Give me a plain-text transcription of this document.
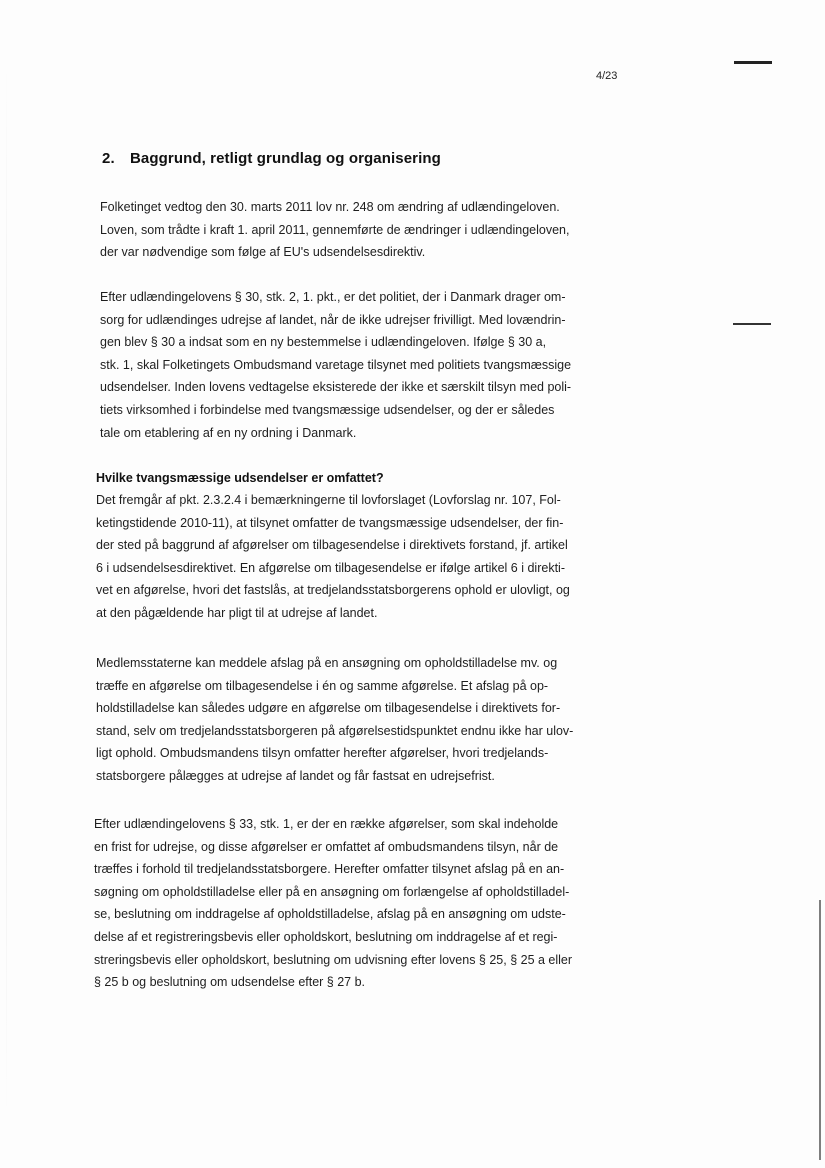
4/23
2. Baggrund, retligt grundlag og organisering

Folketinget vedtog den 30. marts 2011 lov nr. 248 om ændring af udlændingeloven.
Loven, som trådte i kraft 1. april 2011, gennemførte de ændringer i udlændingeloven,
der var nødvendige som følge af EU's udsendelsesdirektiv.

Efter udlændingelovens § 30, stk. 2, 1. pkt., er det politiet, der i Danmark drager om-
sorg for udlændinges udrejse af landet, når de ikke udrejser frivilligt. Med lovændrin-
gen blev § 30 a indsat som en ny bestemmelse i udlændingeloven. Ifølge § 30 a,
stk. 1, skal Folketingets Ombudsmand varetage tilsynet med politiets tvangsmæssige
udsendelser. Inden lovens vedtagelse eksisterede der ikke et særskilt tilsyn med poli-
tiets virksomhed i forbindelse med tvangsmæssige udsendelser, og der er således
tale om etablering af en ny ordning i Danmark.

Hvilke tvangsmæssige udsendelser er omfattet?

Det fremgår af pkt. 2.3.2.4 i bemærkningerne til lovforslaget (Lovforslag nr. 107, Fol-
ketingstidende 2010-11), at tilsynet omfatter de tvangsmæssige udsendelser, der fin-
der sted på baggrund af afgørelser om tilbagesendelse i direktivets forstand, jf. artikel
6 i udsendelsesdirektivet. En afgørelse om tilbagesendelse er ifølge artikel 6 i direkti-
vet en afgørelse, hvori det fastslås, at tredjelandsstatsborgerens ophold er ulovligt, og
at den pågældende har pligt til at udrejse af landet.

Medlemsstaterne kan meddele afslag på en ansøgning om opholdstilladelse mv. og
træffe en afgørelse om tilbagesendelse i én og samme afgørelse. Et afslag på op-
holdstilladelse kan således udgøre en afgørelse om tilbagesendelse i direktivets for-
stand, selv om tredjelandsstatsborgeren på afgørelsestidspunktet endnu ikke har ulov-
ligt ophold. Ombudsmandens tilsyn omfatter herefter afgørelser, hvori tredjelands-
statsborgere pålægges at udrejse af landet og får fastsat en udrejsefrist.

Efter udlændingelovens § 33, stk. 1, er der en række afgørelser, som skal indeholde
en frist for udrejse, og disse afgørelser er omfattet af ombudsmandens tilsyn, når de
træffes i forhold til tredjelandsstatsborgere. Herefter omfatter tilsynet afslag på en an-
søgning om opholdstilladelse eller på en ansøgning om forlængelse af opholdstilladel-
se, beslutning om inddragelse af opholdstilladelse, afslag på en ansøgning om udste-
delse af et registreringsbevis eller opholdskort, beslutning om inddragelse af et regi-
streringsbevis eller opholdskort, beslutning om udvisning efter lovens § 25, § 25 a eller
§ 25 b og beslutning om udsendelse efter § 27 b.
